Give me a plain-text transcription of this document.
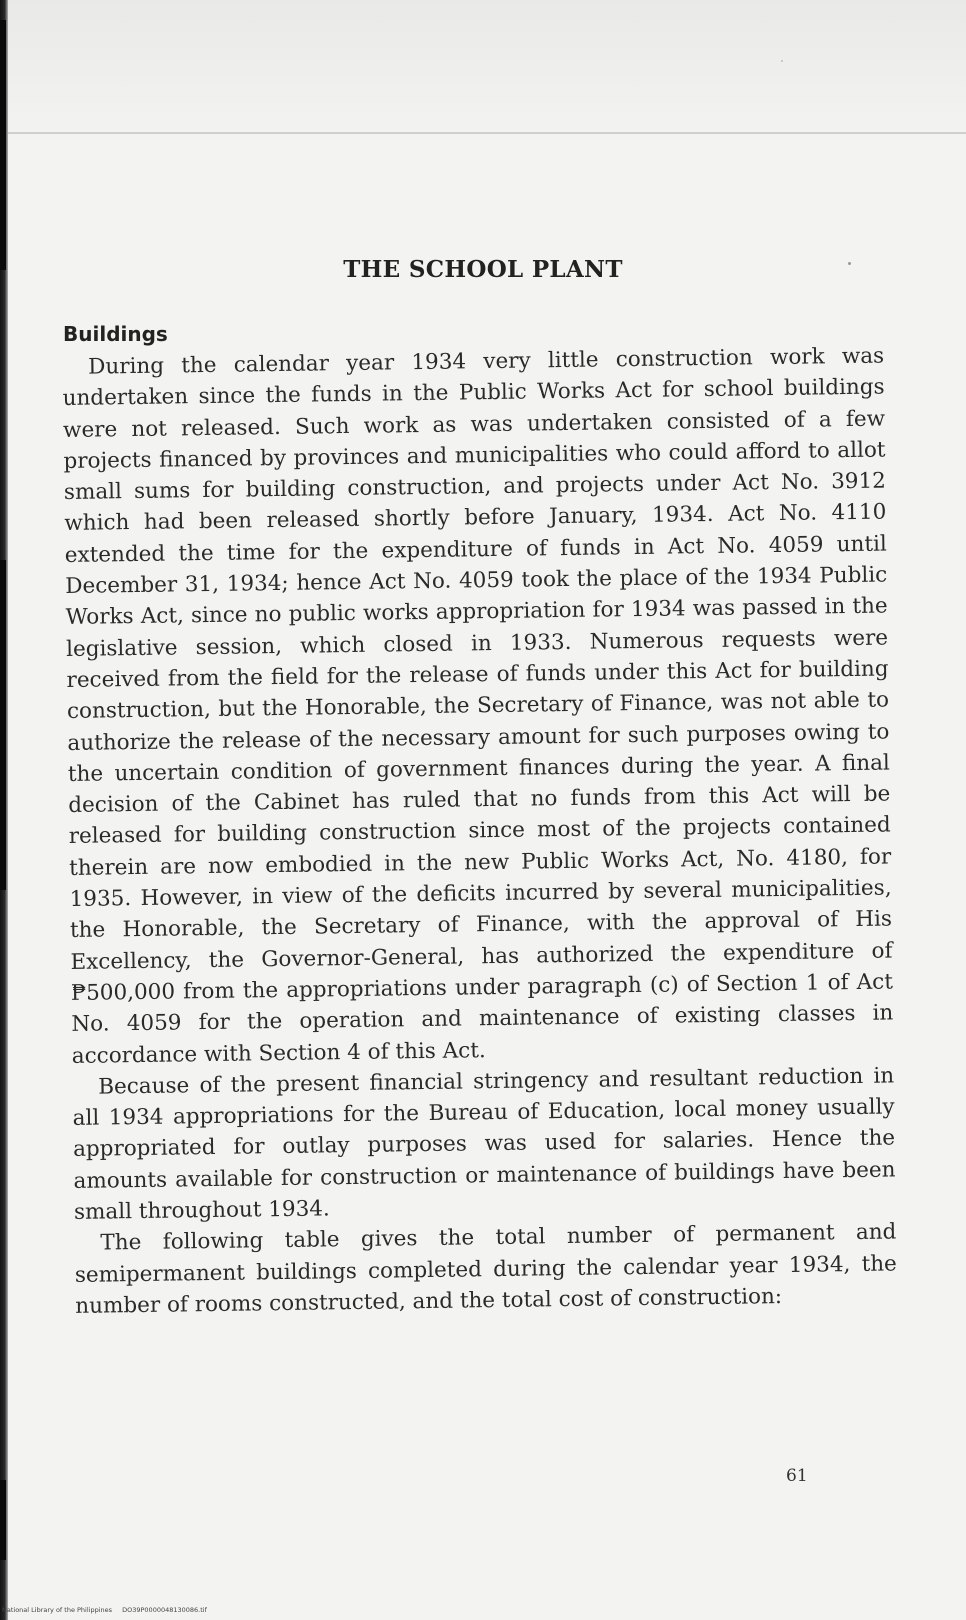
THE SCHOOL PLANT
Buildings

During the calendar year 1934 very little construction work was undertaken since the funds in the Public Works Act for school buildings were not released. Such work as was undertaken consisted of a few projects financed by provinces and municipalities who could afford to allot small sums for building construction, and projects under Act No. 3912 which had been released shortly before January, 1934. Act No. 4110 extended the time for the expenditure of funds in Act No. 4059 until December 31, 1934; hence Act No. 4059 took the place of the 1934 Public Works Act, since no public works appropriation for 1934 was passed in the legislative session, which closed in 1933. Numerous requests were received from the field for the release of funds under this Act for building construction, but the Honorable, the Secretary of Finance, was not able to authorize the release of the necessary amount for such purposes owing to the uncertain condition of government finances during the year. A final decision of the Cabinet has ruled that no funds from this Act will be released for building construction since most of the projects contained therein are now embodied in the new Public Works Act, No. 4180, for 1935. However, in view of the deficits incurred by several municipalities, the Honorable, the Secretary of Finance, with the approval of His Excellency, the Governor-General, has authorized the expenditure of ₱500,000 from the appropriations under paragraph (c) of Section 1 of Act No. 4059 for the operation and maintenance of existing classes in accordance with Section 4 of this Act.

Because of the present financial stringency and resultant reduction in all 1934 appropriations for the Bureau of Education, local money usually appropriated for outlay purposes was used for salaries. Hence the amounts available for construction or maintenance of buildings have been small throughout 1934.

The following table gives the total number of permanent and semipermanent buildings completed during the calendar year 1934, the number of rooms constructed, and the total cost of construction:

61
National Library of the Philippines DO39P0000048130086.tif
